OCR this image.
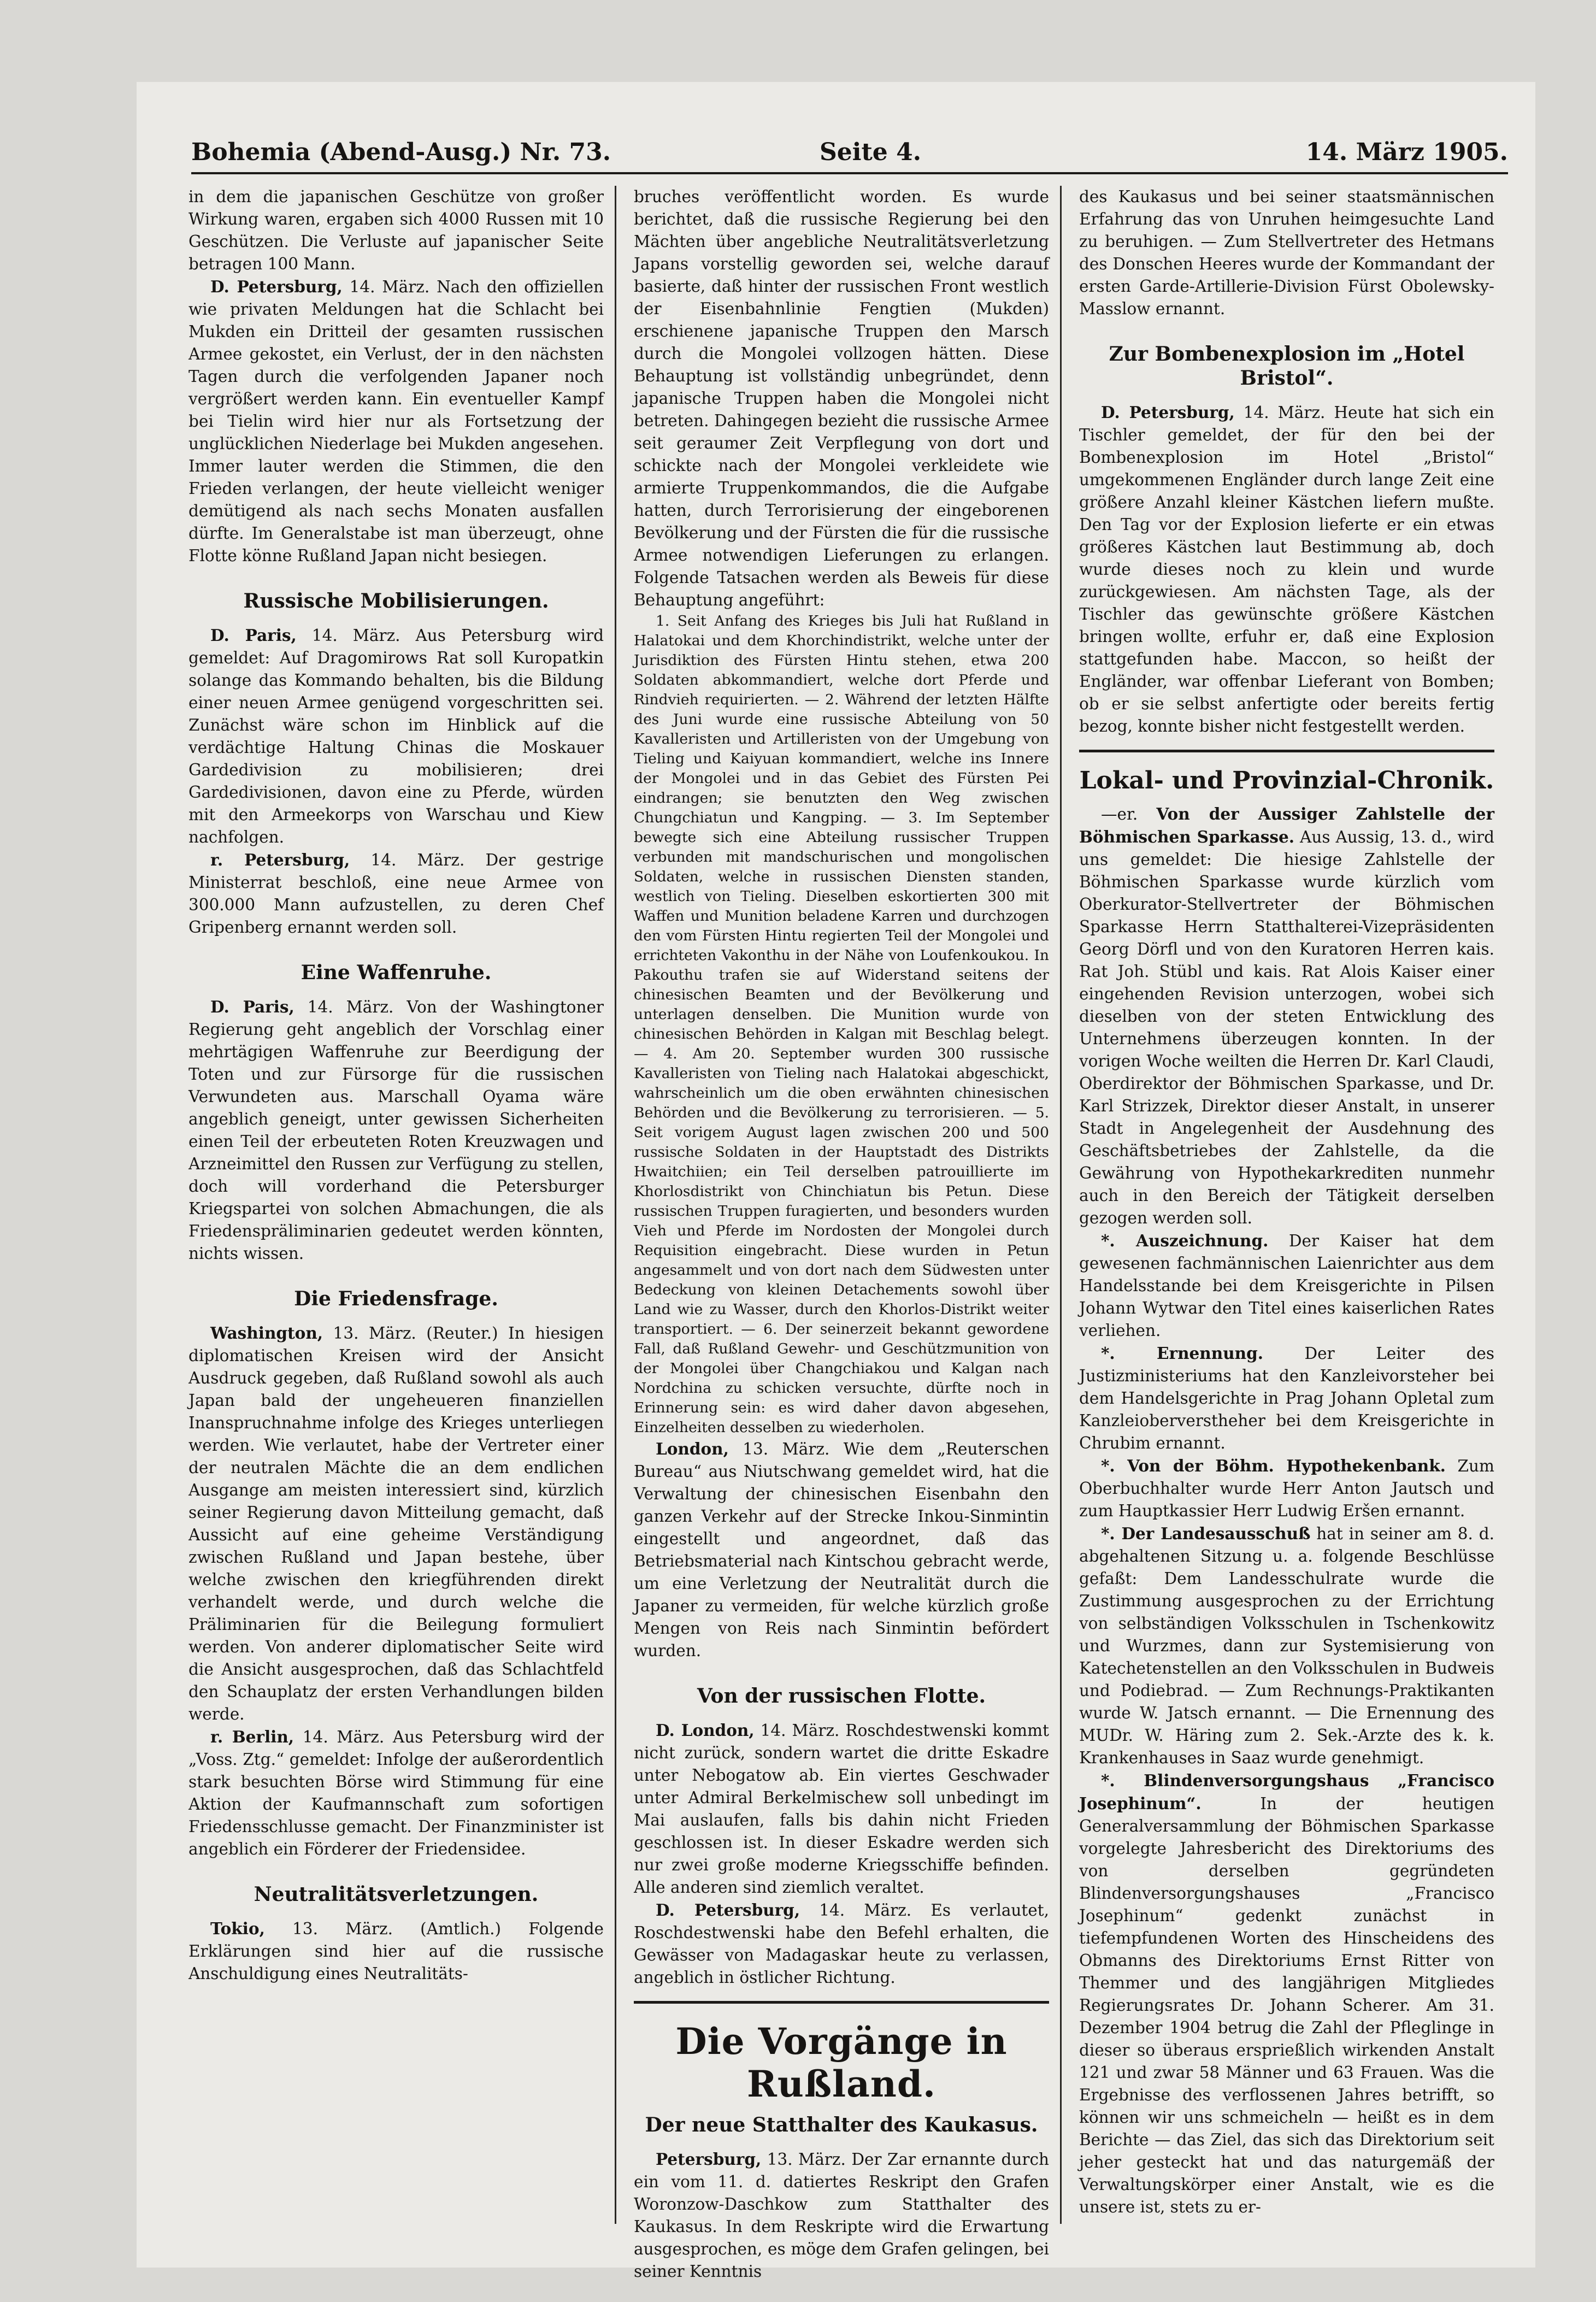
Bohemia (Abend-Ausg.) Nr. 73.	Seite 4.	14. März 1905.

in dem die japanischen Geschütze von großer Wirkung waren, ergaben sich 4000 Russen mit 10 Geschützen. Die Verluste auf japanischer Seite betragen 100 Mann.

D. Petersburg, 14. März. Nach den offiziellen wie privaten Meldungen hat die Schlacht bei Mukden ein Dritteil der gesamten russischen Armee gekostet, ein Verlust, der in den nächsten Tagen durch die verfolgenden Japaner noch vergrößert werden kann. Ein eventueller Kampf bei Tielin wird hier nur als Fortsetzung der unglücklichen Niederlage bei Mukden angesehen. Immer lauter werden die Stimmen, die den Frieden verlangen, der heute vielleicht weniger demütigend als nach sechs Monaten ausfallen dürfte. Im Generalstabe ist man überzeugt, ohne Flotte könne Rußland Japan nicht besiegen.

Russische Mobilisierungen.

D. Paris, 14. März. Aus Petersburg wird gemeldet: Auf Dragomirows Rat soll Kuropatkin solange das Kommando behalten, bis die Bildung einer neuen Armee genügend vorgeschritten sei. Zunächst wäre schon im Hinblick auf die verdächtige Haltung Chinas die Moskauer Gardedivision zu mobilisieren; drei Gardedivisionen, davon eine zu Pferde, würden mit den Armeekorps von Warschau und Kiew nachfolgen.

r. Petersburg, 14. März. Der gestrige Ministerrat beschloß, eine neue Armee von 300.000 Mann aufzustellen, zu deren Chef Gripenberg ernannt werden soll.

Eine Waffenruhe.

D. Paris, 14. März. Von der Washingtoner Regierung geht angeblich der Vorschlag einer mehrtägigen Waffenruhe zur Beerdigung der Toten und zur Fürsorge für die russischen Verwundeten aus. Marschall Oyama wäre angeblich geneigt, unter gewissen Sicherheiten einen Teil der erbeuteten Roten Kreuzwagen und Arzneimittel den Russen zur Verfügung zu stellen, doch will vorderhand die Petersburger Kriegspartei von solchen Abmachungen, die als Friedenspräliminarien gedeutet werden könnten, nichts wissen.

Die Friedensfrage.

Washington, 13. März. (Reuter.) In hiesigen diplomatischen Kreisen wird der Ansicht Ausdruck gegeben, daß Rußland sowohl als auch Japan bald der ungeheueren finanziellen Inanspruchnahme infolge des Krieges unterliegen werden. Wie verlautet, habe der Vertreter einer der neutralen Mächte die an dem endlichen Ausgange am meisten interessiert sind, kürzlich seiner Regierung davon Mitteilung gemacht, daß Aussicht auf eine geheime Verständigung zwischen Rußland und Japan bestehe, über welche zwischen den kriegführenden direkt verhandelt werde, und durch welche die Präliminarien für die Beilegung formuliert werden. Von anderer diplomatischer Seite wird die Ansicht ausgesprochen, daß das Schlachtfeld den Schauplatz der ersten Verhandlungen bilden werde.

r. Berlin, 14. März. Aus Petersburg wird der „Voss. Ztg.“ gemeldet: Infolge der außerordentlich stark besuchten Börse wird Stimmung für eine Aktion der Kaufmannschaft zum sofortigen Friedensschlusse gemacht. Der Finanzminister ist angeblich ein Förderer der Friedensidee.

Neutralitätsverletzungen.

Tokio, 13. März. (Amtlich.) Folgende Erklärungen sind hier auf die russische Anschuldigung eines Neutralitäts-

bruches veröffentlicht worden. Es wurde berichtet, daß die russische Regierung bei den Mächten über angebliche Neutralitätsverletzung Japans vorstellig geworden sei, welche darauf basierte, daß hinter der russischen Front westlich der Eisenbahnlinie Fengtien (Mukden) erschienene japanische Truppen den Marsch durch die Mongolei vollzogen hätten. Diese Behauptung ist vollständig unbegründet, denn japanische Truppen haben die Mongolei nicht betreten. Dahingegen bezieht die russische Armee seit geraumer Zeit Verpflegung von dort und schickte nach der Mongolei verkleidete wie armierte Truppenkommandos, die die Aufgabe hatten, durch Terrorisierung der eingeborenen Bevölkerung und der Fürsten die für die russische Armee notwendigen Lieferungen zu erlangen. Folgende Tatsachen werden als Beweis für diese Behauptung angeführt:

1. Seit Anfang des Krieges bis Juli hat Rußland in Halatokai und dem Khorchindistrikt, welche unter der Jurisdiktion des Fürsten Hintu stehen, etwa 200 Soldaten abkommandiert, welche dort Pferde und Rindvieh requirierten. — 2. Während der letzten Hälfte des Juni wurde eine russische Abteilung von 50 Kavalleristen und Artilleristen von der Umgebung von Tieling und Kaiyuan kommandiert, welche ins Innere der Mongolei und in das Gebiet des Fürsten Pei eindrangen; sie benutzten den Weg zwischen Chungchiatun und Kangping. — 3. Im September bewegte sich eine Abteilung russischer Truppen verbunden mit mandschurischen und mongolischen Soldaten, welche in russischen Diensten standen, westlich von Tieling. Dieselben eskortierten 300 mit Waffen und Munition beladene Karren und durchzogen den vom Fürsten Hintu regierten Teil der Mongolei und errichteten Vakonthu in der Nähe von Loufenkoukou. In Pakouthu trafen sie auf Widerstand seitens der chinesischen Beamten und der Bevölkerung und unterlagen denselben. Die Munition wurde von chinesischen Behörden in Kalgan mit Beschlag belegt. — 4. Am 20. September wurden 300 russische Kavalleristen von Tieling nach Halatokai abgeschickt, wahrscheinlich um die oben erwähnten chinesischen Behörden und die Bevölkerung zu terrorisieren. — 5. Seit vorigem August lagen zwischen 200 und 500 russische Soldaten in der Hauptstadt des Distrikts Hwaitchiien; ein Teil derselben patrouillierte im Khorlosdistrikt von Chinchiatun bis Petun. Diese russischen Truppen furagierten, und besonders wurden Vieh und Pferde im Nordosten der Mongolei durch Requisition eingebracht. Diese wurden in Petun angesammelt und von dort nach dem Südwesten unter Bedeckung von kleinen Detachements sowohl über Land wie zu Wasser, durch den Khorlos-Distrikt weiter transportiert. — 6. Der seinerzeit bekannt gewordene Fall, daß Rußland Gewehr- und Geschützmunition von der Mongolei über Changchiakou und Kalgan nach Nordchina zu schicken versuchte, dürfte noch in Erinnerung sein: es wird daher davon abgesehen, Einzelheiten desselben zu wiederholen.

London, 13. März. Wie dem „Reuterschen Bureau“ aus Niutschwang gemeldet wird, hat die Verwaltung der chinesischen Eisenbahn den ganzen Verkehr auf der Strecke Inkou-Sinmintin eingestellt und angeordnet, daß das Betriebsmaterial nach Kintschou gebracht werde, um eine Verletzung der Neutralität durch die Japaner zu vermeiden, für welche kürzlich große Mengen von Reis nach Sinmintin befördert wurden.

Von der russischen Flotte.

D. London, 14. März. Roschdestwenski kommt nicht zurück, sondern wartet die dritte Eskadre unter Nebogatow ab. Ein viertes Geschwader unter Admiral Berkelmischew soll unbedingt im Mai auslaufen, falls bis dahin nicht Frieden geschlossen ist. In dieser Eskadre werden sich nur zwei große moderne Kriegsschiffe befinden. Alle anderen sind ziemlich veraltet.

D. Petersburg, 14. März. Es verlautet, Roschdestwenski habe den Befehl erhalten, die Gewässer von Madagaskar heute zu verlassen, angeblich in östlicher Richtung.

Die Vorgänge in Rußland.
Der neue Statthalter des Kaukasus.

Petersburg, 13. März. Der Zar ernannte durch ein vom 11. d. datiertes Reskript den Grafen Woronzow-Daschkow zum Statthalter des Kaukasus. In dem Reskripte wird die Erwartung ausgesprochen, es möge dem Grafen gelingen, bei seiner Kenntnis

des Kaukasus und bei seiner staatsmännischen Erfahrung das von Unruhen heimgesuchte Land zu beruhigen. — Zum Stellvertreter des Hetmans des Donschen Heeres wurde der Kommandant der ersten Garde-Artillerie-Division Fürst Obolewsky-Masslow ernannt.

Zur Bombenexplosion im „Hotel Bristol“.

D. Petersburg, 14. März. Heute hat sich ein Tischler gemeldet, der für den bei der Bombenexplosion im Hotel „Bristol“ umgekommenen Engländer durch lange Zeit eine größere Anzahl kleiner Kästchen liefern mußte. Den Tag vor der Explosion lieferte er ein etwas größeres Kästchen laut Bestimmung ab, doch wurde dieses noch zu klein und wurde zurückgewiesen. Am nächsten Tage, als der Tischler das gewünschte größere Kästchen bringen wollte, erfuhr er, daß eine Explosion stattgefunden habe. Maccon, so heißt der Engländer, war offenbar Lieferant von Bomben; ob er sie selbst anfertigte oder bereits fertig bezog, konnte bisher nicht festgestellt werden.

Lokal- und Provinzial-Chronik.

—er. Von der Aussiger Zahlstelle der Böhmischen Sparkasse. Aus Aussig, 13. d., wird uns gemeldet: Die hiesige Zahlstelle der Böhmischen Sparkasse wurde kürzlich vom Oberkurator-Stellvertreter der Böhmischen Sparkasse Herrn Statthalterei-Vizepräsidenten Georg Dörfl und von den Kuratoren Herren kais. Rat Joh. Stübl und kais. Rat Alois Kaiser einer eingehenden Revision unterzogen, wobei sich dieselben von der steten Entwicklung des Unternehmens überzeugen konnten. In der vorigen Woche weilten die Herren Dr. Karl Claudi, Oberdirektor der Böhmischen Sparkasse, und Dr. Karl Strizzek, Direktor dieser Anstalt, in unserer Stadt in Angelegenheit der Ausdehnung des Geschäftsbetriebes der Zahlstelle, da die Gewährung von Hypothekarkrediten nunmehr auch in den Bereich der Tätigkeit derselben gezogen werden soll.

*. Auszeichnung. Der Kaiser hat dem gewesenen fachmännischen Laienrichter aus dem Handelsstande bei dem Kreisgerichte in Pilsen Johann Wytwar den Titel eines kaiserlichen Rates verliehen.

*. Ernennung.	Der Leiter des Justizministeriums hat den Kanzleivorsteher bei dem Handelsgerichte in Prag Johann Opletal zum Kanzleioberverstheher bei dem Kreisgerichte in Chrubim ernannt.

*. Von der Böhm. Hypothekenbank. Zum Oberbuchhalter wurde Herr Anton Jautsch und zum Hauptkassier Herr Ludwig Eršen ernannt.

*. Der Landesausschuß hat in seiner am 8. d. abgehaltenen Sitzung u. a. folgende Beschlüsse gefaßt: Dem Landesschulrate wurde die Zustimmung ausgesprochen zu der Errichtung von selbständigen Volksschulen in Tschenkowitz und Wurzmes, dann zur Systemisierung von Katechetenstellen an den Volksschulen in Budweis und Podiebrad. — Zum Rechnungs-Praktikanten wurde W. Jatsch ernannt. — Die Ernennung des MUDr. W. Häring zum 2. Sek.-Arzte des k. k. Krankenhauses in Saaz wurde genehmigt.

*. Blindenversorgungshaus „Francisco Josephinum“.	In der heutigen Generalversammlung der Böhmischen Sparkasse vorgelegte Jahresbericht des Direktoriums des von derselben gegründeten Blindenversorgungshauses „Francisco Josephinum“ gedenkt zunächst in tiefempfundenen Worten des Hinscheidens des Obmanns des Direktoriums Ernst Ritter von Themmer und des langjährigen Mitgliedes Regierungsrates Dr. Johann Scherer. Am 31. Dezember 1904 betrug die Zahl der Pfleglinge in dieser so überaus ersprießlich wirkenden Anstalt 121 und zwar 58 Männer und 63 Frauen. Was die Ergebnisse des verflossenen Jahres betrifft, so können wir uns schmeicheln — heißt es in dem Berichte — das Ziel, das sich das Direktorium seit jeher gesteckt hat und das naturgemäß der Verwaltungskörper einer Anstalt, wie es die unsere ist, stets zu er-
